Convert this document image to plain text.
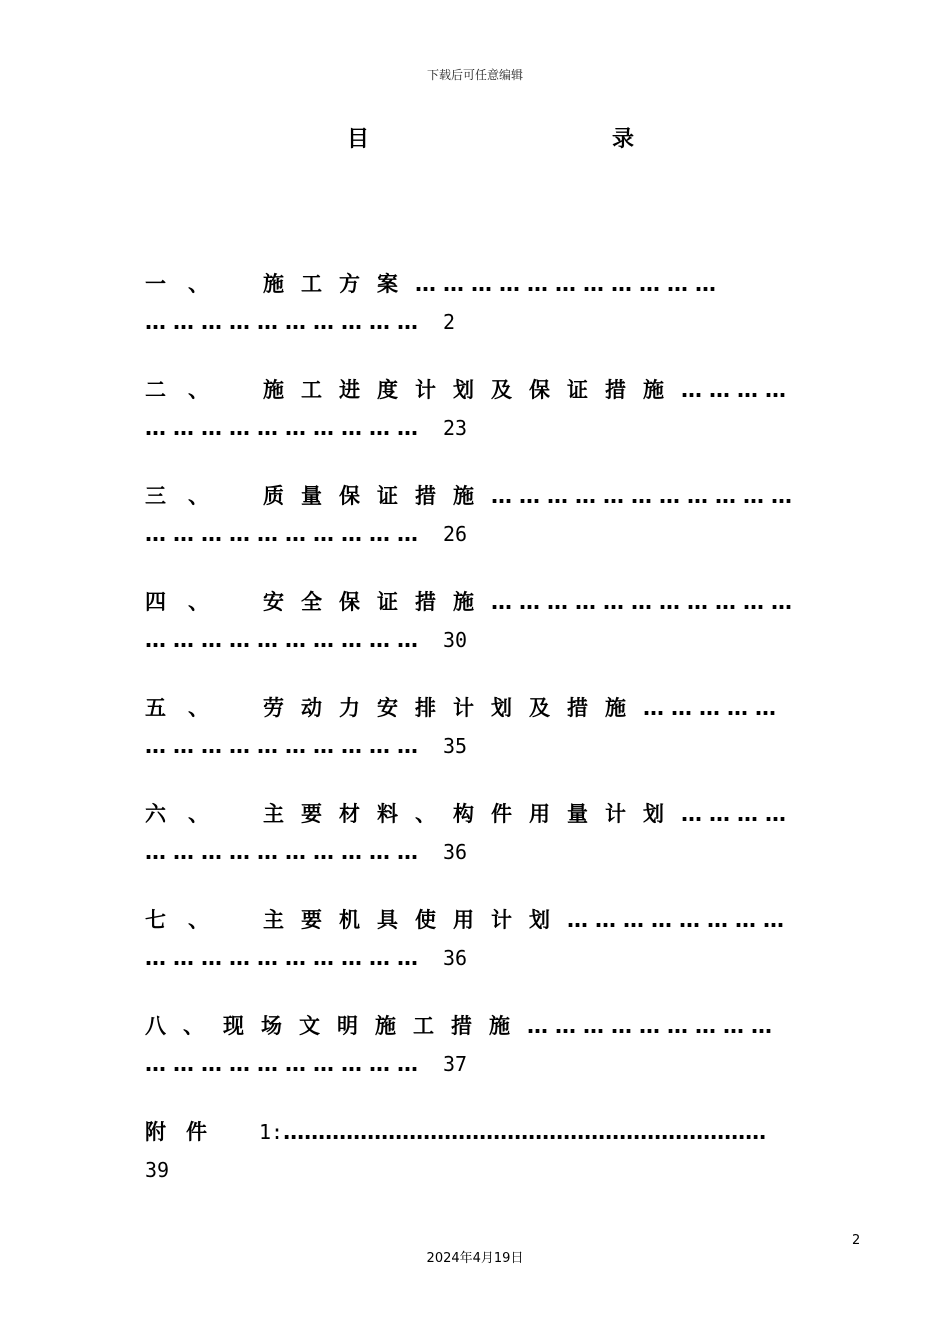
下载后可任意编辑
目	录
一、 施工方案……………………………
………………………… 2
二、 施工进度计划及保证措施…………
………………………… 23
三、 质量保证措施……………………………
………………………… 26
四、 安全保证措施……………………………
………………………… 30
五、 劳动力安排计划及措施……………
………………………… 35
六、 主要材料、构件用量计划…………
………………………… 36
七、 主要机具使用计划……………………
………………………… 36
八、现场文明施工措施………………………
………………………… 37
附件 1:……………………………………………………………
39
2
2024年4月19日
